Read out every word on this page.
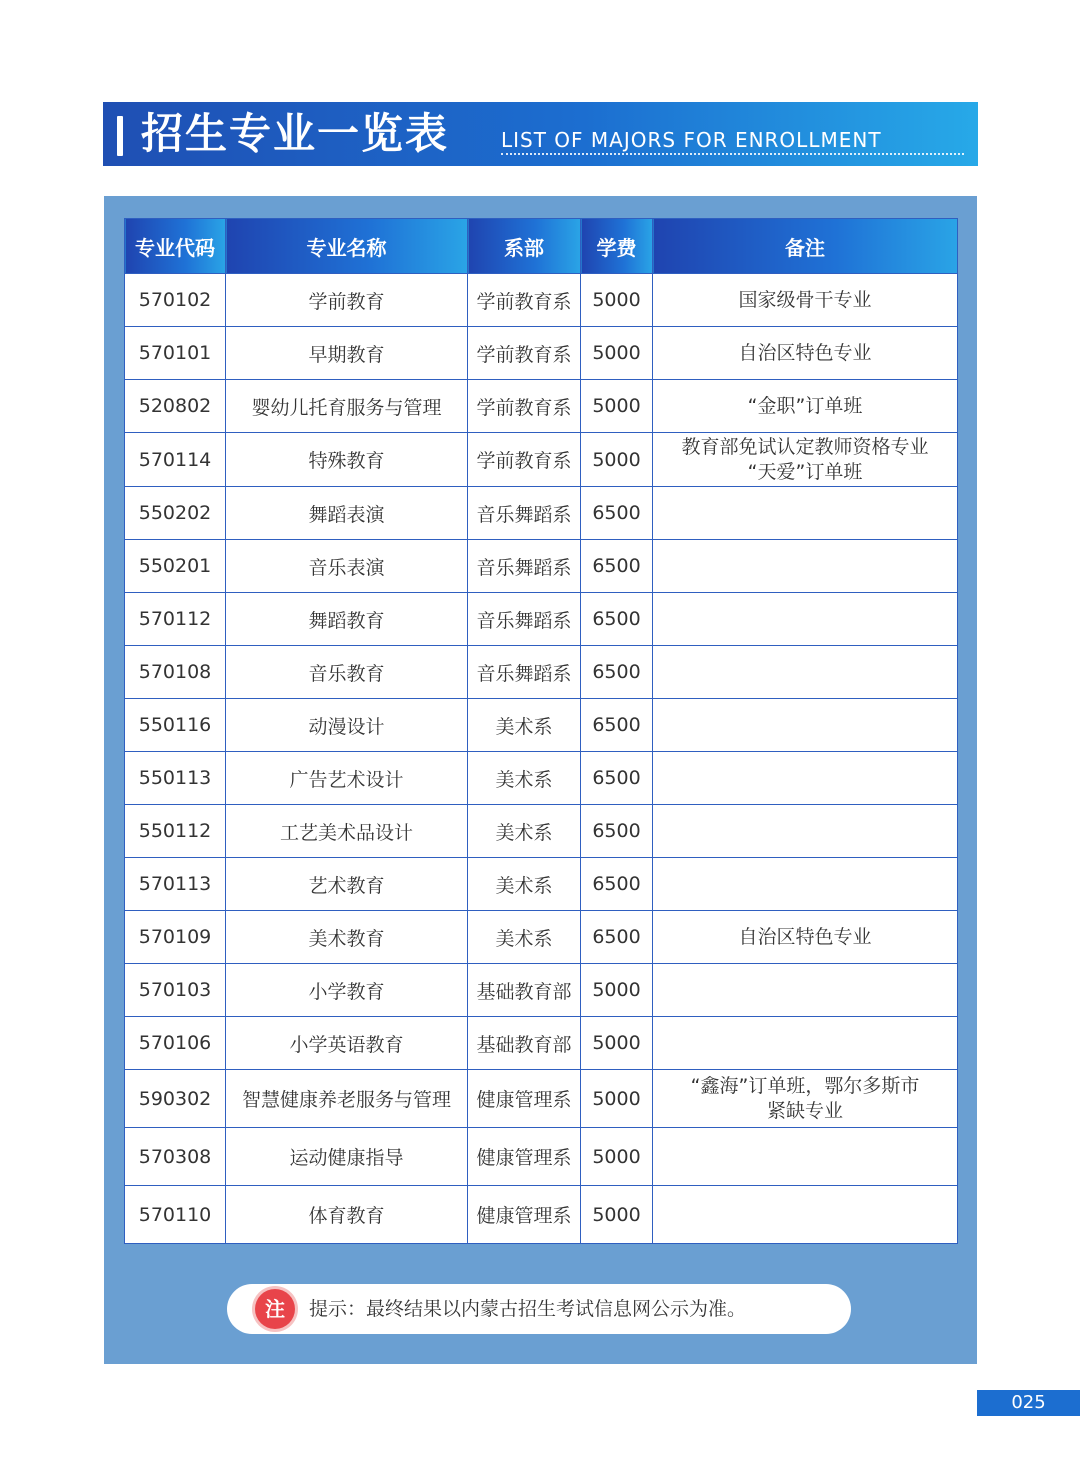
招生专业一览表	LIST OF MAJORS FOR ENROLLMENT
专业代码	专业名称	系部	学费	备注
570102	学前教育	学前教育系	5000	国家级骨干专业

570101	早期教育	学前教育系	5000	自治区特色专业

520802	婴幼儿托育服务与管理	学前教育系	5000	“金职”订单班

570114	特殊教育	学前教育系	5000	教育部免试认定教师资格专业
“天爱”订单班

550202	舞蹈表演	音乐舞蹈系	6500	

550201	音乐表演	音乐舞蹈系	6500	

570112	舞蹈教育	音乐舞蹈系	6500	

570108	音乐教育	音乐舞蹈系	6500	

550116	动漫设计	美术系	6500	

550113	广告艺术设计	美术系	6500	

550112	工艺美术品设计	美术系	6500	

570113	艺术教育	美术系	6500	

570109	美术教育	美术系	6500	自治区特色专业

570103	小学教育	基础教育部	5000	

570106	小学英语教育	基础教育部	5000	

590302	智慧健康养老服务与管理	健康管理系	5000	“鑫海”订单班，鄂尔多斯市
紧缺专业

570308	运动健康指导	健康管理系	5000	

570110	体育教育	健康管理系	5000	
注	提示：最终结果以内蒙古招生考试信息网公示为准。
025
